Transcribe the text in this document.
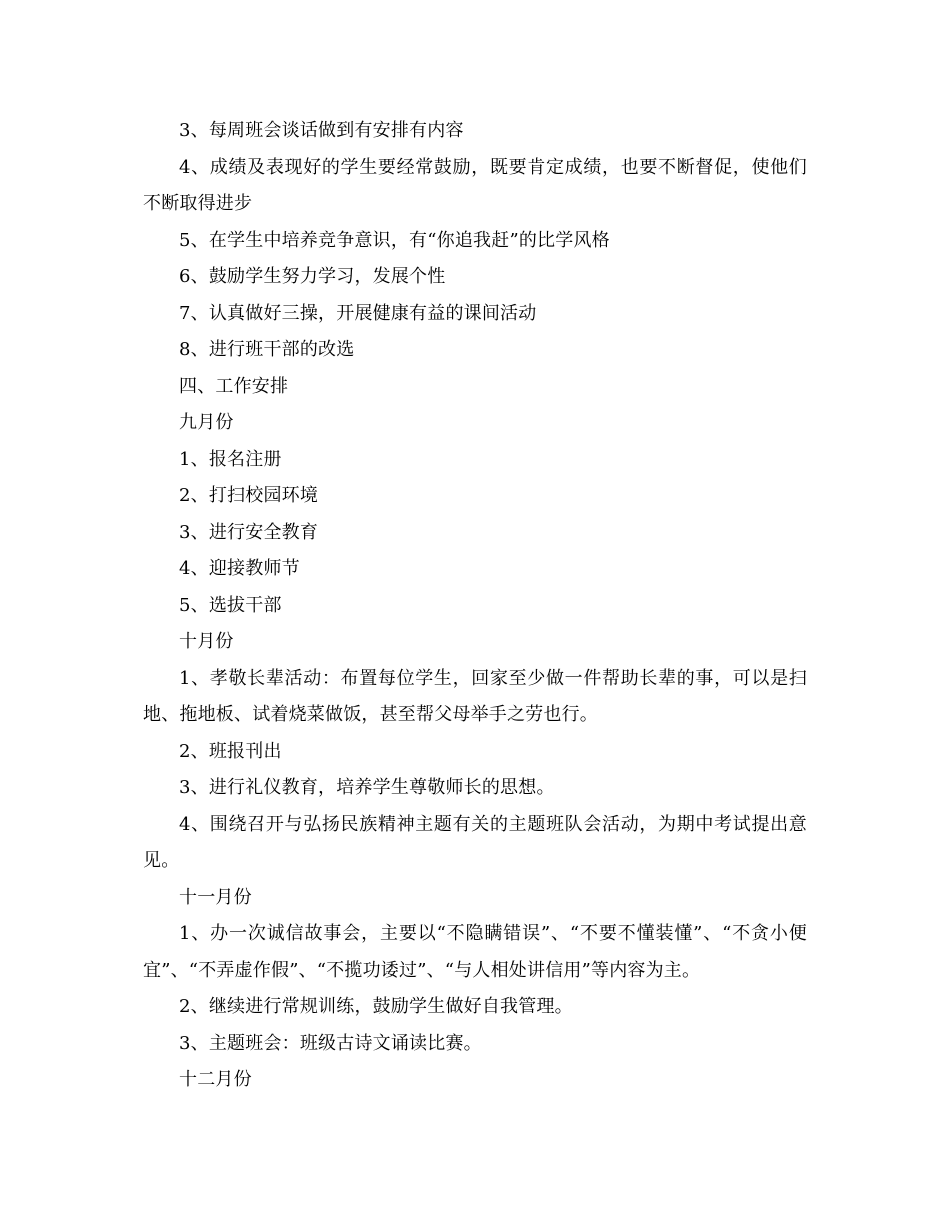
3、每周班会谈话做到有安排有内容

4、成绩及表现好的学生要经常鼓励，既要肯定成绩，也要不断督促，使他们不断取得进步

5、在学生中培养竞争意识，有“你追我赶”的比学风格

6、鼓励学生努力学习，发展个性

7、认真做好三操，开展健康有益的课间活动

8、进行班干部的改选

四、工作安排

九月份

1、报名注册

2、打扫校园环境

3、进行安全教育

4、迎接教师节

5、选拔干部

十月份

1、孝敬长辈活动：布置每位学生，回家至少做一件帮助长辈的事，可以是扫地、拖地板、试着烧菜做饭，甚至帮父母举手之劳也行。

2、班报刊出

3、进行礼仪教育，培养学生尊敬师长的思想。

4、围绕召开与弘扬民族精神主题有关的主题班队会活动，为期中考试提出意见。

十一月份

1、办一次诚信故事会，主要以“不隐瞒错误”、“不要不懂装懂”、“不贪小便宜”、“不弄虚作假”、“不揽功诿过”、“与人相处讲信用”等内容为主。

2、继续进行常规训练，鼓励学生做好自我管理。

3、主题班会：班级古诗文诵读比赛。

十二月份
